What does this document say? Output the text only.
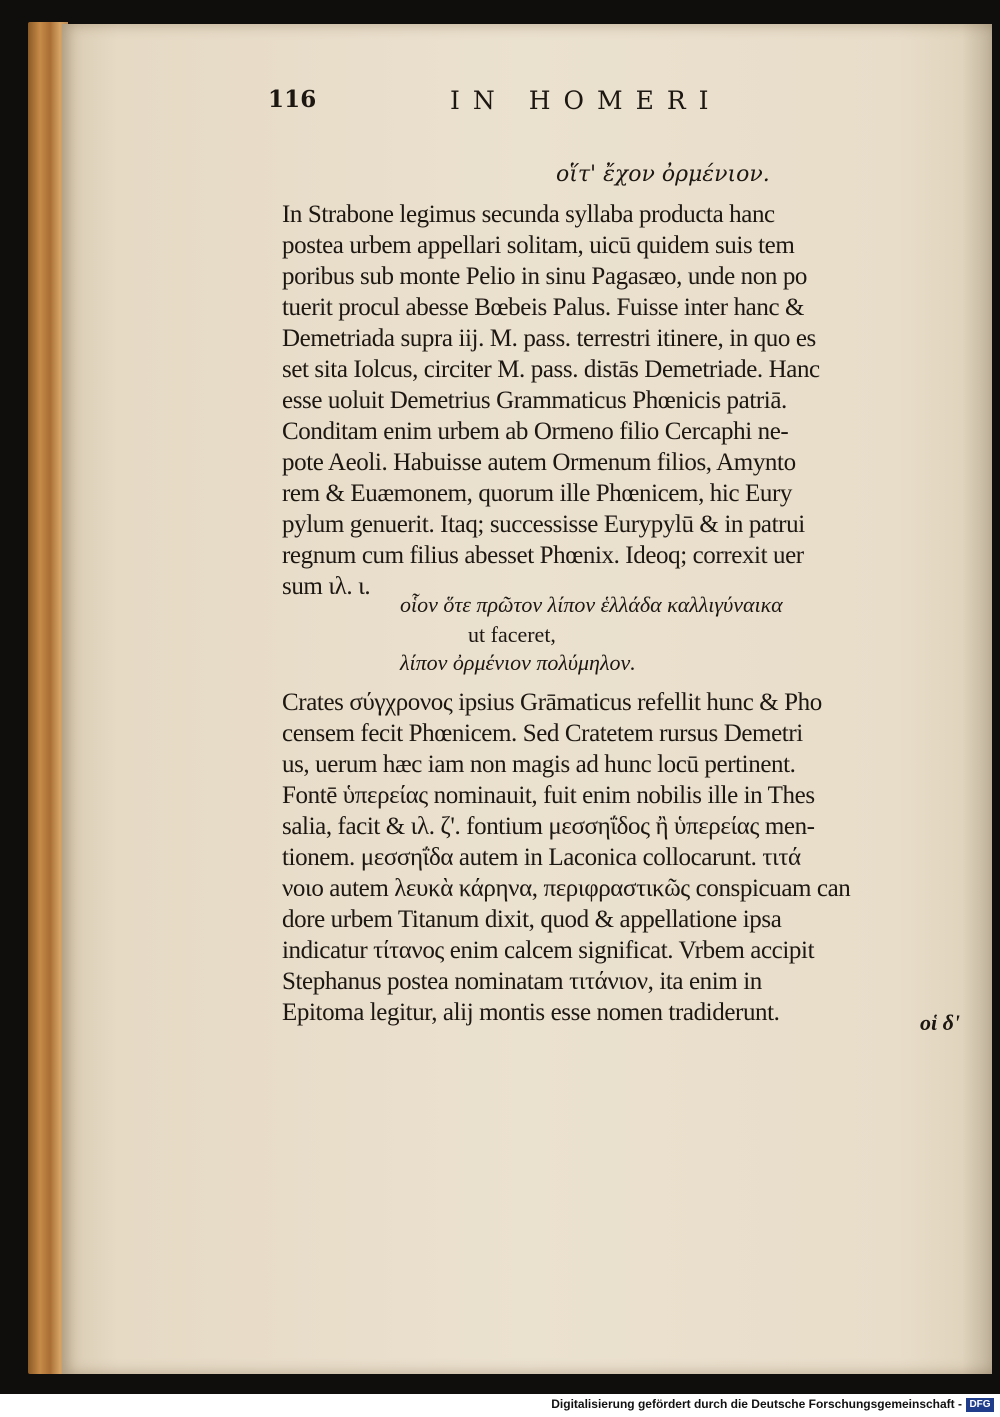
116	IN HOMERI
οἵτ' ἔχον ὀρμένιον.
In Strabone legimus secunda syllaba producta hanc
postea urbem appellari solitam, uicū quidem suis tem
poribus sub monte Pelio in sinu Pagasæo, unde non po
tuerit procul abesse Bœbeis Palus. Fuisse inter hanc &
Demetriada supra iij. M. pass. terrestri itinere, in quo es
set sita Iolcus, circiter M. pass. distās Demetriade. Hanc
esse uoluit Demetrius Grammaticus Phœnicis patriā.
Conditam enim urbem ab Ormeno filio Cercaphi ne-
pote Aeoli. Habuisse autem Ormenum filios, Amynto
rem & Euæmonem, quorum ille Phœnicem, hic Eury
pylum genuerit. Itaq; successisse Eurypylū & in patrui
regnum cum filius abesset Phœnix. Ideoq; correxit uer
sum ιλ. ι.
οἷον ὅτε πρῶτον λίπον ἑλλάδα καλλιγύναικα
ut faceret,
λίπον ὀρμένιον πολύμηλον.
Crates σύγχρονος ipsius Grāmaticus refellit hunc & Pho
censem fecit Phœnicem. Sed Cratetem rursus Demetri
us, uerum hæc iam non magis ad hunc locū pertinent.
Fontē ὑπερείας nominauit, fuit enim nobilis ille in Thes
salia, facit & ιλ. ζ'. fontium μεσσηΐδος ἢ ὑπερείας men-
tionem. μεσσηΐδα autem in Laconica collocarunt. τιτά
νοιο autem λευκὰ κάρηνα, περιφραστικῶς conspicuam can
dore urbem Titanum dixit, quod & appellatione ipsa
indicatur τίτανος enim calcem significat. Vrbem accipit
Stephanus postea nominatam τιτάνιον, ita enim in
Epitoma legitur, alij montis esse nomen tradiderunt.	οἱ δ'
Digitalisierung gefördert durch die Deutsche Forschungsgemeinschaft - DFG
